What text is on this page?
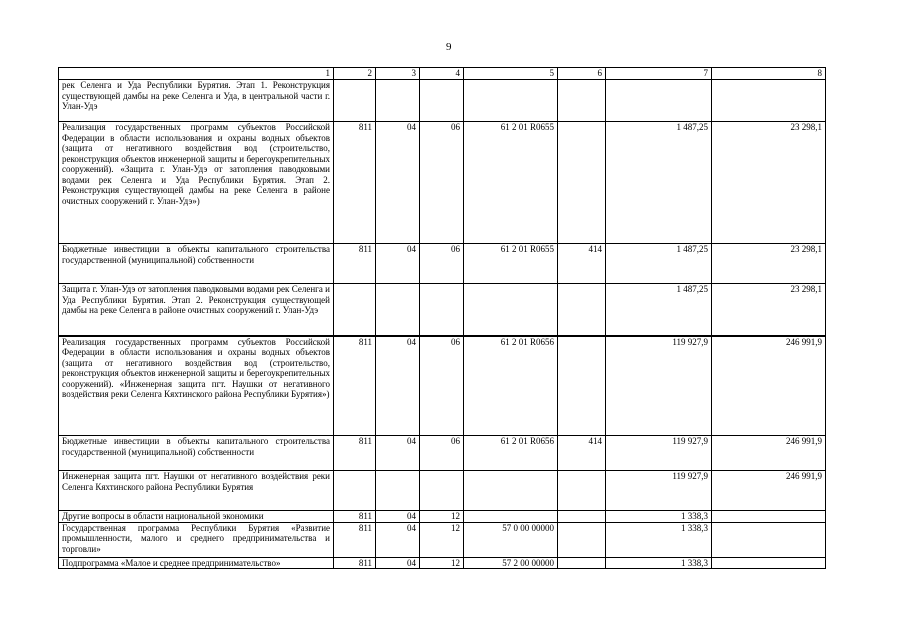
9
1	2	3	4	5	6	7	8
рек Селенга и Уда Республики Бурятия. Этап 1. Реконструкция существующей дамбы на реке Селенга и Уда, в центральной части г. Улан-Удэ							
Реализация государственных программ субъектов Российской Федерации в области использования и охраны водных объектов (защита от негативного воздействия вод (строительство, реконструкция объектов инженерной защиты и берегоукрепительных сооружений). «Защита г. Улан-Удэ от затопления паводковыми водами рек Селенга и Уда Республики Бурятия. Этап 2. Реконструкция существующей дамбы на реке Селенга в районе очистных сооружений г. Улан-Удэ»)	811	04	06	61 2 01 R0655		1 487,25	23 298,1
Бюджетные инвестиции в объекты капитального строительства государственной (муниципальной) собственности	811	04	06	61 2 01 R0655	414	1 487,25	23 298,1
Защита г. Улан-Удэ от затопления паводковыми водами рек Селенга и Уда Республики Бурятия. Этап 2. Реконструкция существующей дамбы на реке Селенга в районе очистных сооружений г. Улан-Удэ						1 487,25	23 298,1
Реализация государственных программ субъектов Российской Федерации в области использования и охраны водных объектов (защита от негативного воздействия вод (строительство, реконструкция объектов инженерной защиты и берегоукрепительных сооружений). «Инженерная защита пгт. Наушки от негативного воздействия реки Селенга Кяхтинского района Республики Бурятия»)	811	04	06	61 2 01 R0656		119 927,9	246 991,9
Бюджетные инвестиции в объекты капитального строительства государственной (муниципальной) собственности	811	04	06	61 2 01 R0656	414	119 927,9	246 991,9
Инженерная защита пгт. Наушки от негативного воздействия реки Селенга Кяхтинского района Республики Бурятия						119 927,9	246 991,9
Другие вопросы в области национальной экономики	811	04	12			1 338,3	
Государственная программа Республики Бурятия «Развитие промышленности, малого и среднего предпринимательства и торговли»	811	04	12	57 0 00 00000		1 338,3	
Подпрограмма «Малое и среднее предпринимательство»	811	04	12	57 2 00 00000		1 338,3	
